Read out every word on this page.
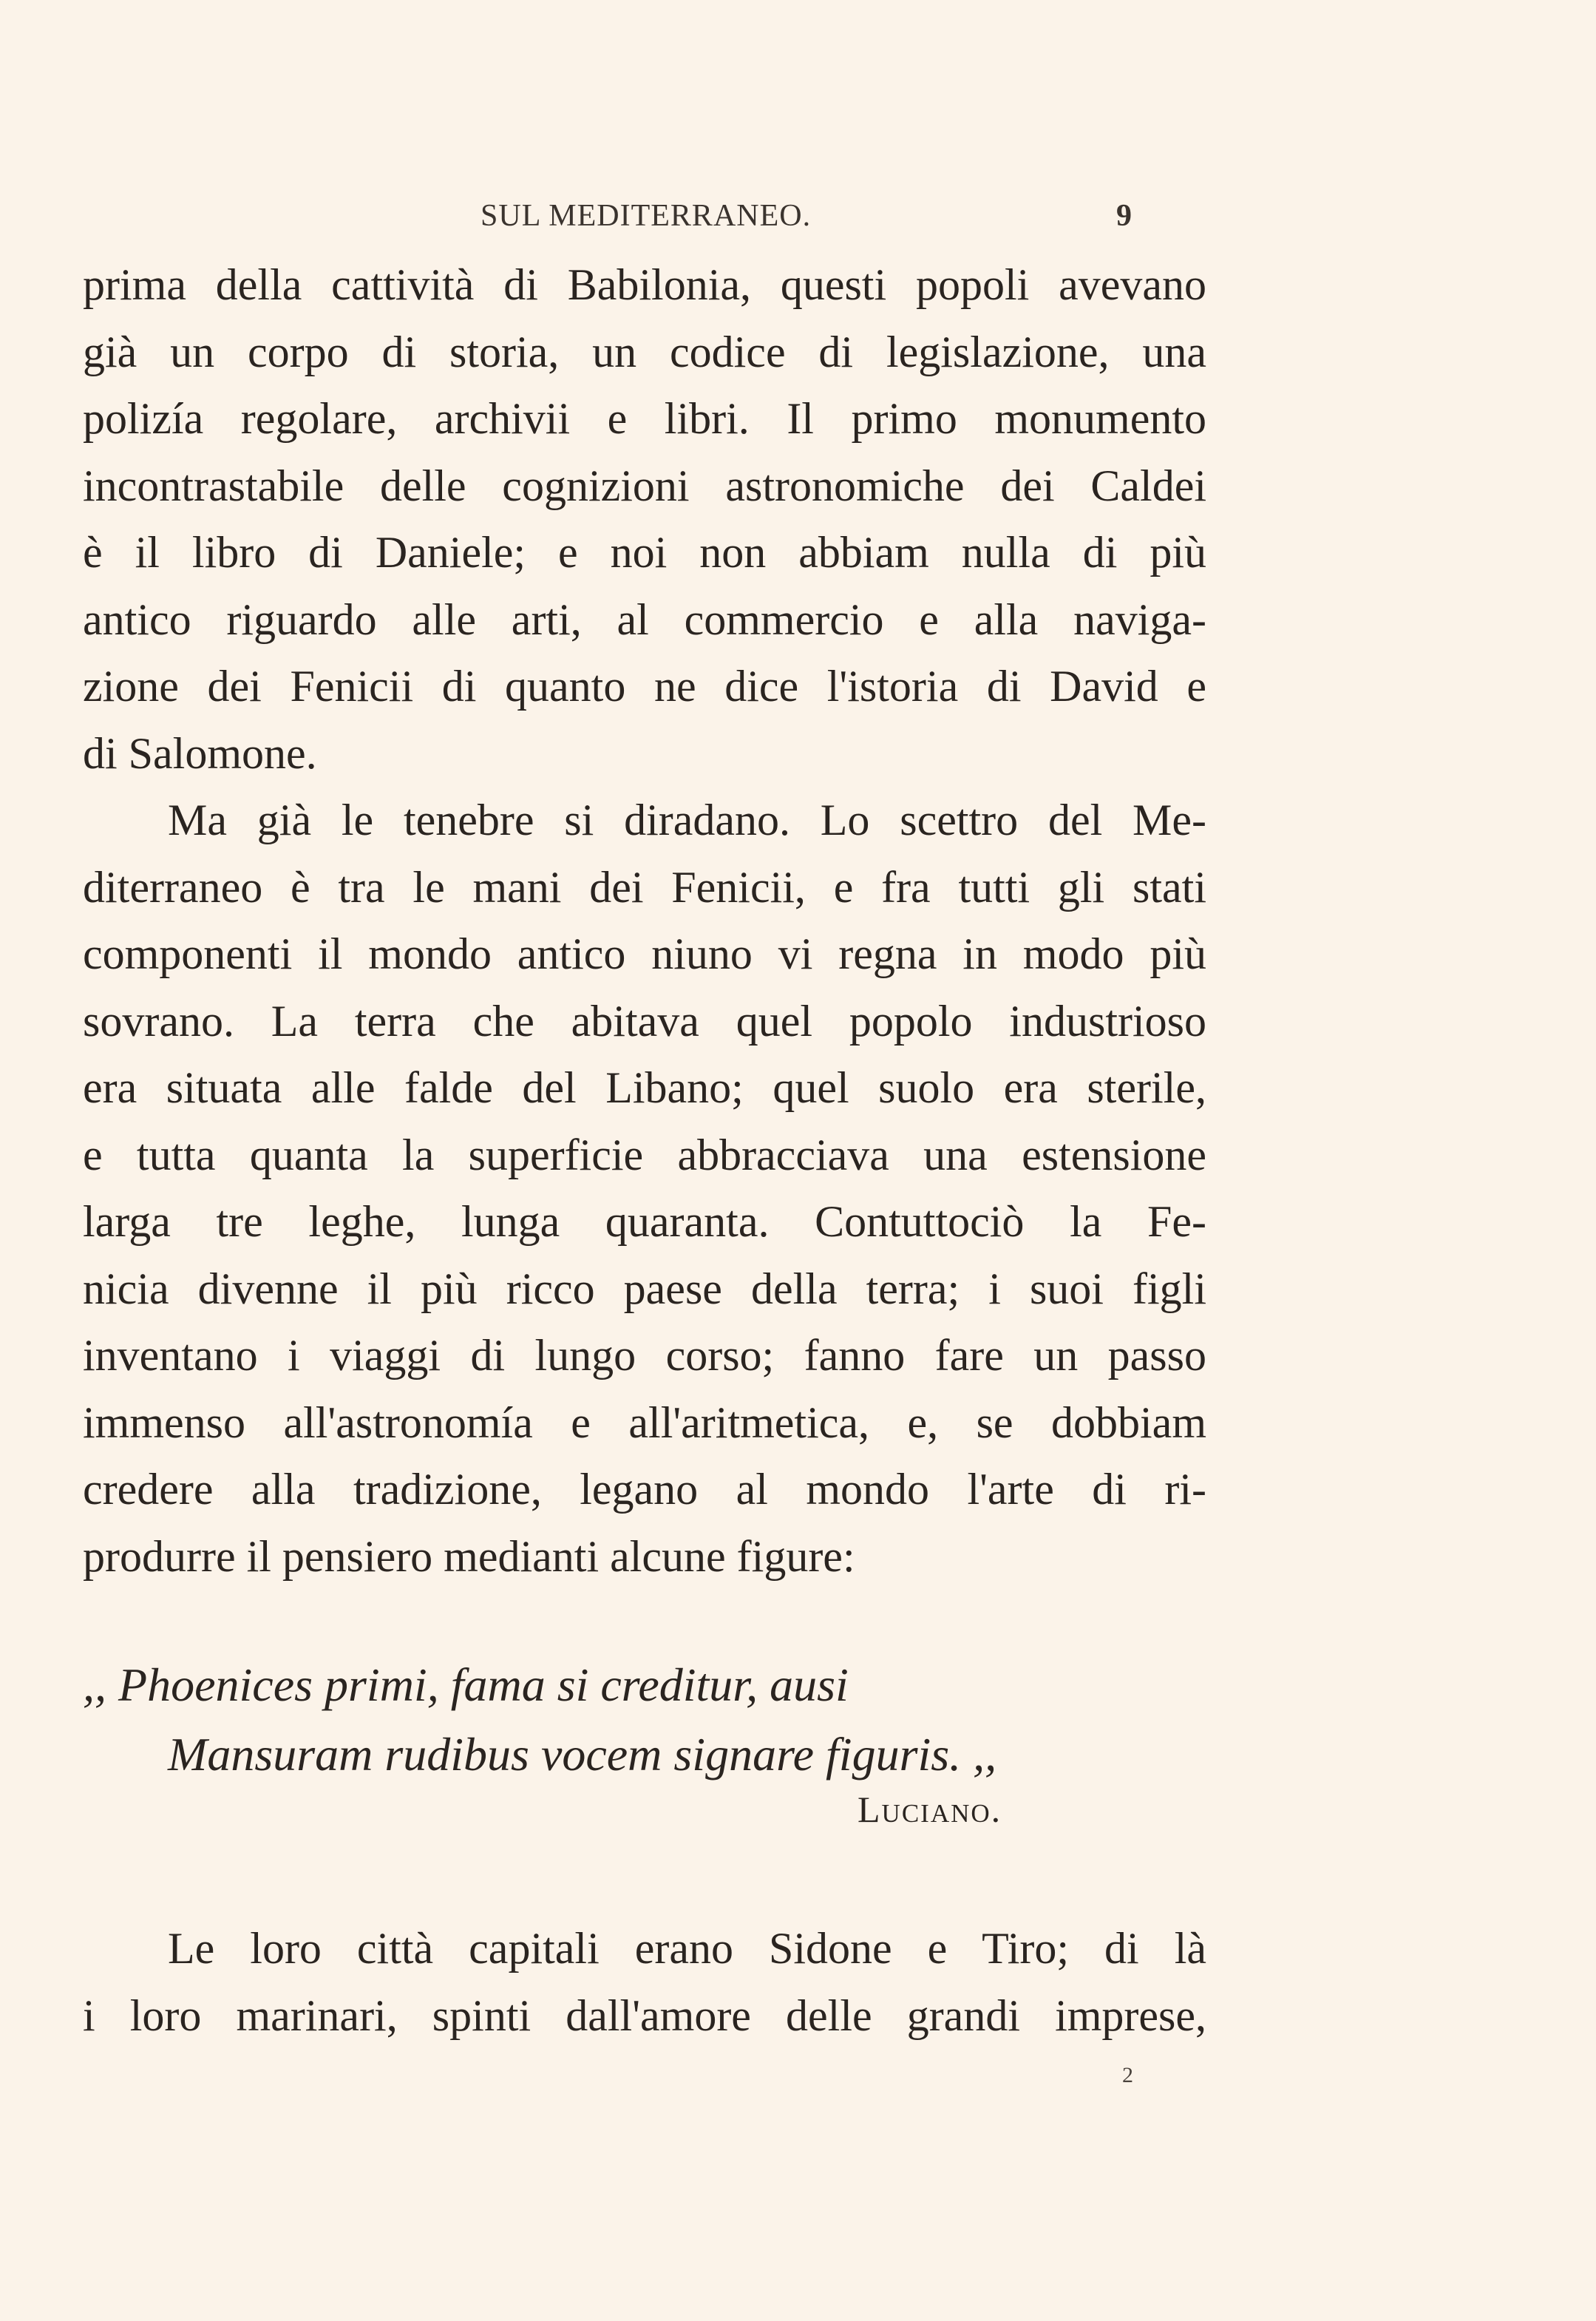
SUL MEDITERRANEO.	9
prima della cattività di Babilonia, questi popoli avevano
già un corpo di storia, un codice di legislazione, una
polizía regolare, archivii e libri. Il primo monumento
incontrastabile delle cognizioni astronomiche dei Caldei
è il libro di Daniele; e noi non abbiam nulla di più
antico riguardo alle arti, al commercio e alla naviga-
zione dei Fenicii di quanto ne dice l'istoria di David e
di Salomone.
Ma già le tenebre si diradano. Lo scettro del Me-
diterraneo è tra le mani dei Fenicii, e fra tutti gli stati
componenti il mondo antico niuno vi regna in modo più
sovrano. La terra che abitava quel popolo industrioso
era situata alle falde del Libano; quel suolo era sterile,
e tutta quanta la superficie abbracciava una estensione
larga tre leghe, lunga quaranta. Contuttociò la Fe-
nicia divenne il più ricco paese della terra; i suoi figli
inventano i viaggi di lungo corso; fanno fare un passo
immenso all'astronomía e all'aritmetica, e, se dobbiam
credere alla tradizione, legano al mondo l'arte di ri-
produrre il pensiero medianti alcune figure:
,, Phoenices primi, fama si creditur, ausi
Mansuram rudibus vocem signare figuris. ,,
Luciano.
Le loro città capitali erano Sidone e Tiro; di là
i loro marinari, spinti dall'amore delle grandi imprese,
2
